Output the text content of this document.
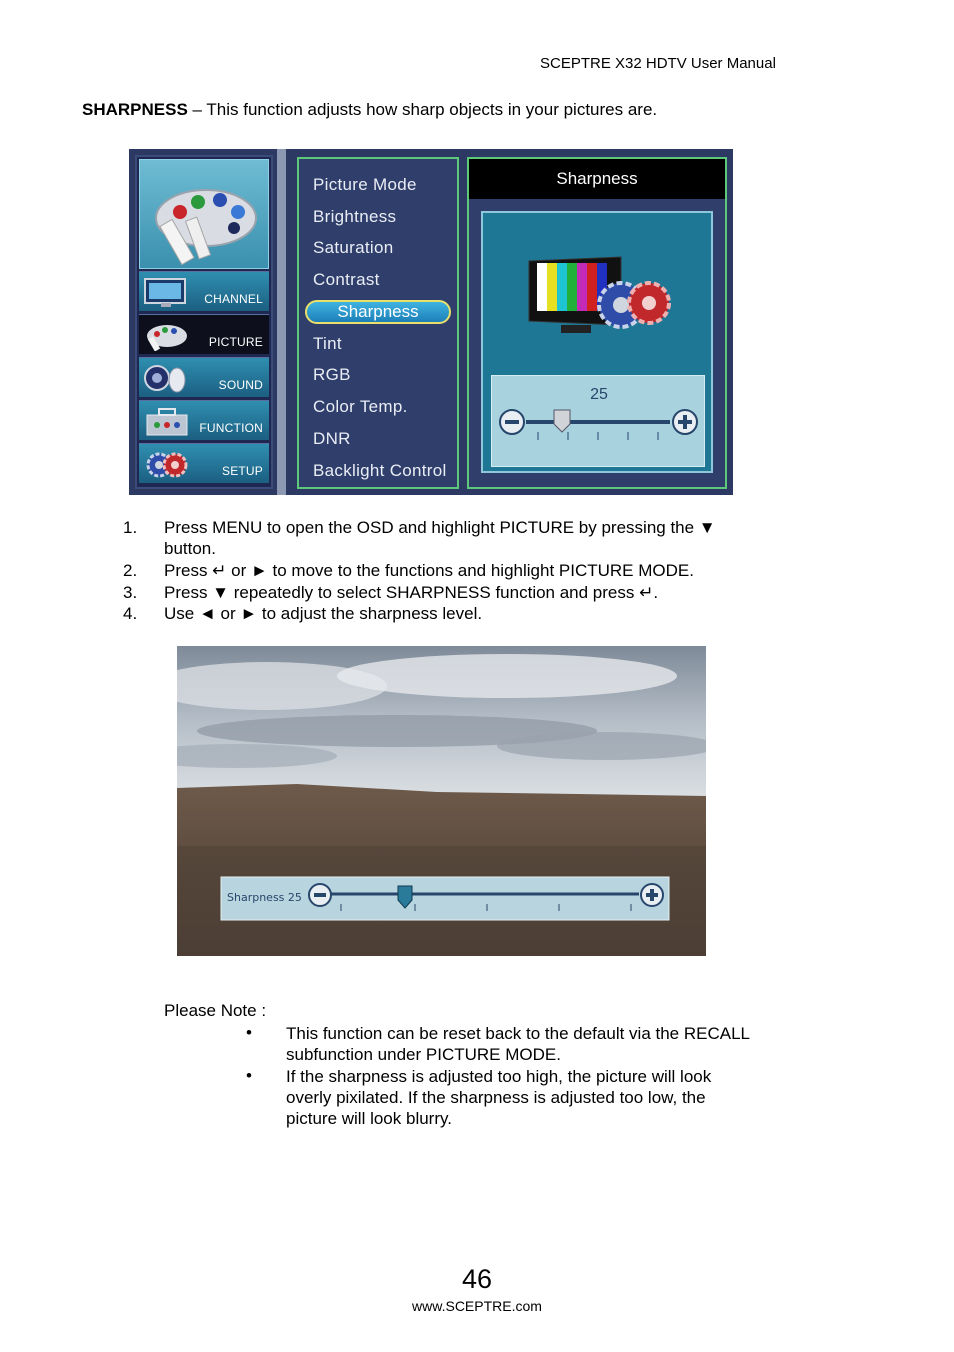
SCEPTRE X32 HDTV User Manual
SHARPNESS – This function adjusts how sharp objects in your pictures are.
CHANNEL
PICTURE
SOUND
FUNCTION
SETUP
Picture Mode
Brightness
Saturation
Contrast
Sharpness
Tint
RGB
Color Temp.
DNR
Backlight Control
Sharpness
25
1. Press MENU to open the OSD and highlight PICTURE by pressing the ▼
button.
2. Press ↵ or ► to move to the functions and highlight PICTURE MODE.
3. Press ▼ repeatedly to select SHARPNESS function and press ↵.
4. Use ◄ or ► to adjust the sharpness level.
Sharpness 25
Please Note :
• This function can be reset back to the default via the RECALL subfunction under PICTURE MODE.
• If the sharpness is adjusted too high, the picture will look overly pixilated. If the sharpness is adjusted too low, the picture will look blurry.
46
www.SCEPTRE.com
